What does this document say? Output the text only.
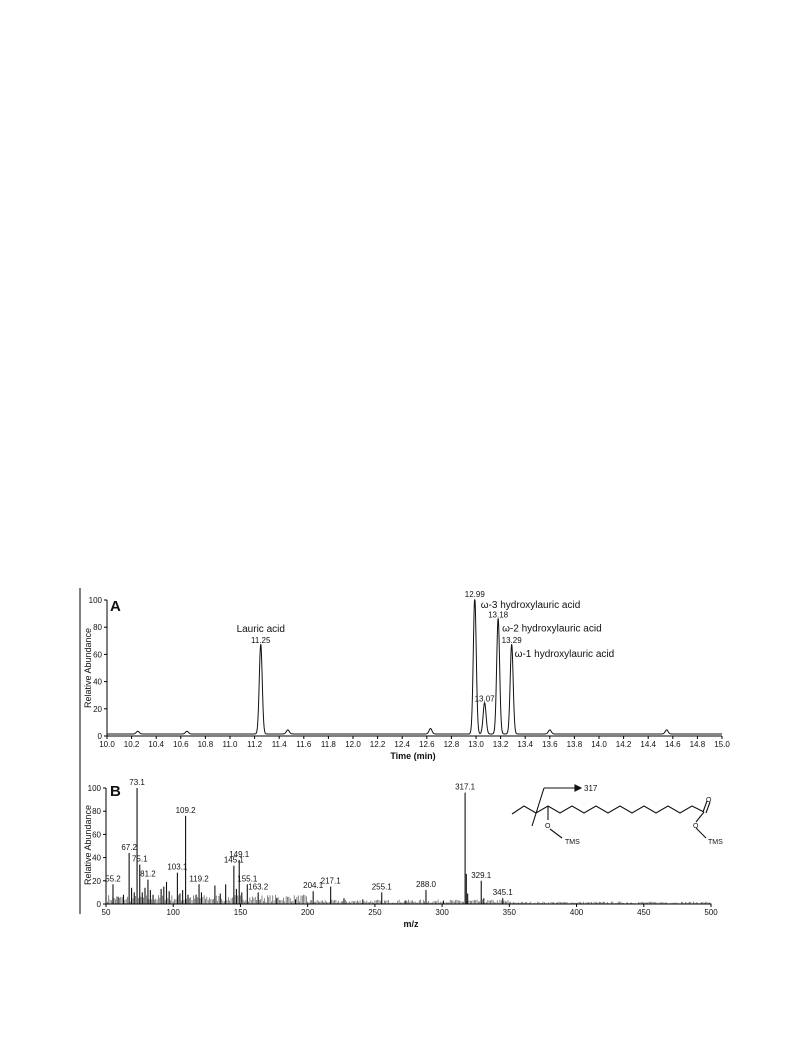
A
Relative Abundance
Time (min)
0
20
40
60
80
100
10.0 10.2 10.4 10.6 10.8 11.0 11.2 11.4 11.6 11.8 12.0 12.2 12.4 12.6 12.8 13.0 13.2 13.4 13.6 13.8 14.0 14.2 14.4 14.6 14.8 15.0
11.25
Lauric acid
12.99
ω-3 hydroxylauric acid
13.07
13.18
ω-2 hydroxylauric acid
13.29
ω-1 hydroxylauric acid
B
Relative Abundance
m/z
0
20
40
60
80
100
50	100	150	200	250	300	350	400	450	500
55.2
67.2
73.1
75.1
81.2
103.1
109.2
119.2
145.1
149.1
155.1
163.2	204.1
217.1
255.1	288.0
317.1
329.1
345.1
O	O
O
TMS	TMS
317
